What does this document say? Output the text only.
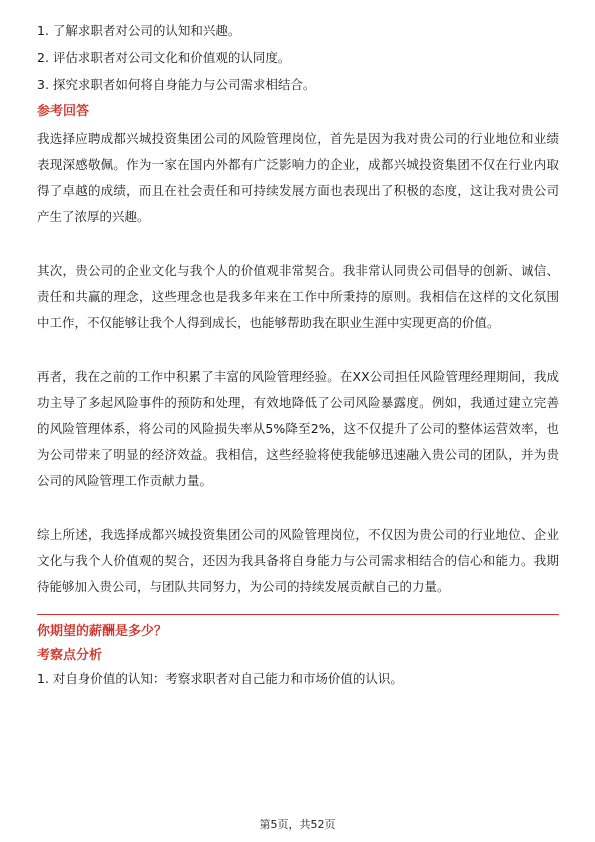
1. 了解求职者对公司的认知和兴趣。

2. 评估求职者对公司文化和价值观的认同度。

3. 探究求职者如何将自身能力与公司需求相结合。

参考回答

我选择应聘成都兴城投资集团公司的风险管理岗位，首先是因为我对贵公司的行业地位和业绩表现深感敬佩。作为一家在国内外都有广泛影响力的企业，成都兴城投资集团不仅在行业内取得了卓越的成绩，而且在社会责任和可持续发展方面也表现出了积极的态度，这让我对贵公司产生了浓厚的兴趣。

其次，贵公司的企业文化与我个人的价值观非常契合。我非常认同贵公司倡导的创新、诚信、责任和共赢的理念，这些理念也是我多年来在工作中所秉持的原则。我相信在这样的文化氛围中工作，不仅能够让我个人得到成长，也能够帮助我在职业生涯中实现更高的价值。

再者，我在之前的工作中积累了丰富的风险管理经验。在XX公司担任风险管理经理期间，我成功主导了多起风险事件的预防和处理，有效地降低了公司风险暴露度。例如，我通过建立完善的风险管理体系，将公司的风险损失率从5%降至2%，这不仅提升了公司的整体运营效率，也为公司带来了明显的经济效益。我相信，这些经验将使我能够迅速融入贵公司的团队，并为贵公司的风险管理工作贡献力量。

综上所述，我选择成都兴城投资集团公司的风险管理岗位，不仅因为贵公司的行业地位、企业文化与我个人价值观的契合，还因为我具备将自身能力与公司需求相结合的信心和能力。我期待能够加入贵公司，与团队共同努力，为公司的持续发展贡献自己的力量。

你期望的薪酬是多少？
考察点分析

1. 对自身价值的认知：考察求职者对自己能力和市场价值的认识。

第5页，共52页
